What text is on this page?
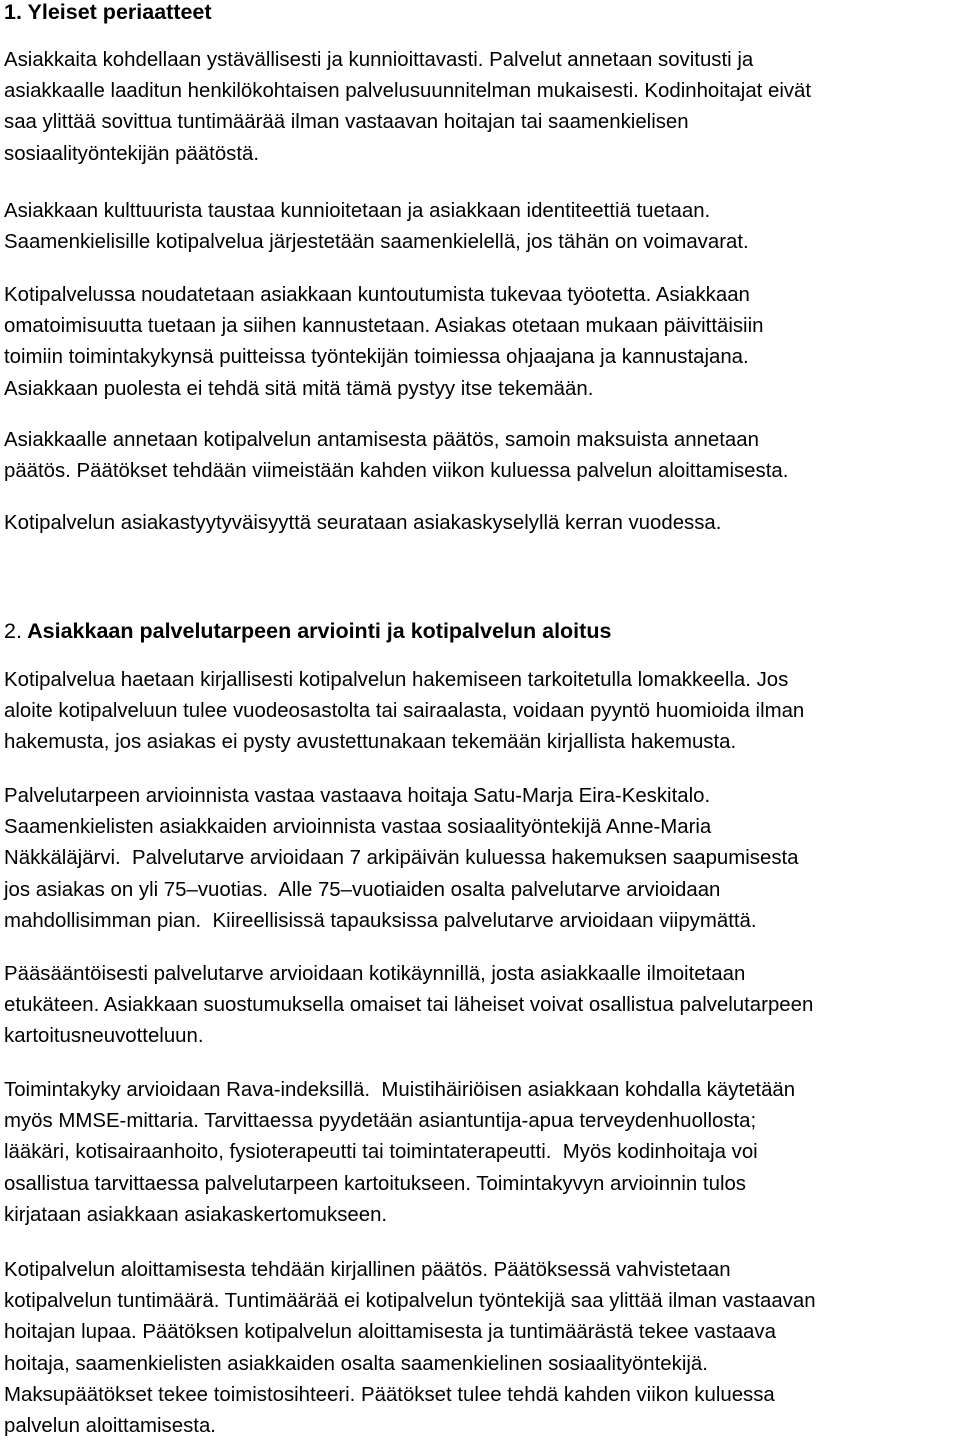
1. Yleiset periaatteet

Asiakkaita kohdellaan ystävällisesti ja kunnioittavasti. Palvelut annetaan sovitusti ja
asiakkaalle laaditun henkilökohtaisen palvelusuunnitelman mukaisesti. Kodinhoitajat eivät
saa ylittää sovittua tuntimäärää ilman vastaavan hoitajan tai saamenkielisen
sosiaalityöntekijän päätöstä.

Asiakkaan kulttuurista taustaa kunnioitetaan ja asiakkaan identiteettiä tuetaan.
Saamenkielisille kotipalvelua järjestetään saamenkielellä, jos tähän on voimavarat.

Kotipalvelussa noudatetaan asiakkaan kuntoutumista tukevaa työotetta. Asiakkaan
omatoimisuutta tuetaan ja siihen kannustetaan. Asiakas otetaan mukaan päivittäisiin
toimiin toimintakykynsä puitteissa työntekijän toimiessa ohjaajana ja kannustajana.
Asiakkaan puolesta ei tehdä sitä mitä tämä pystyy itse tekemään.

Asiakkaalle annetaan kotipalvelun antamisesta päätös, samoin maksuista annetaan
päätös. Päätökset tehdään viimeistään kahden viikon kuluessa palvelun aloittamisesta.

Kotipalvelun asiakastyytyväisyyttä seurataan asiakaskyselyllä kerran vuodessa.

2. Asiakkaan palvelutarpeen arviointi ja kotipalvelun aloitus

Kotipalvelua haetaan kirjallisesti kotipalvelun hakemiseen tarkoitetulla lomakkeella. Jos
aloite kotipalveluun tulee vuodeosastolta tai sairaalasta, voidaan pyyntö huomioida ilman
hakemusta, jos asiakas ei pysty avustettunakaan tekemään kirjallista hakemusta.

Palvelutarpeen arvioinnista vastaa vastaava hoitaja Satu-Marja Eira-Keskitalo.
Saamenkielisten asiakkaiden arvioinnista vastaa sosiaalityöntekijä Anne-Maria
Näkkäläjärvi.  Palvelutarve arvioidaan 7 arkipäivän kuluessa hakemuksen saapumisesta
jos asiakas on yli 75–vuotias.  Alle 75–vuotiaiden osalta palvelutarve arvioidaan
mahdollisimman pian.  Kiireellisissä tapauksissa palvelutarve arvioidaan viipymättä.

Pääsääntöisesti palvelutarve arvioidaan kotikäynnillä, josta asiakkaalle ilmoitetaan
etukäteen. Asiakkaan suostumuksella omaiset tai läheiset voivat osallistua palvelutarpeen
kartoitusneuvotteluun.

Toimintakyky arvioidaan Rava-indeksillä.  Muistihäiriöisen asiakkaan kohdalla käytetään
myös MMSE-mittaria. Tarvittaessa pyydetään asiantuntija-apua terveydenhuollosta;
lääkäri, kotisairaanhoito, fysioterapeutti tai toimintaterapeutti.  Myös kodinhoitaja voi
osallistua tarvittaessa palvelutarpeen kartoitukseen. Toimintakyvyn arvioinnin tulos
kirjataan asiakkaan asiakaskertomukseen.

Kotipalvelun aloittamisesta tehdään kirjallinen päätös. Päätöksessä vahvistetaan
kotipalvelun tuntimäärä. Tuntimäärää ei kotipalvelun työntekijä saa ylittää ilman vastaavan
hoitajan lupaa. Päätöksen kotipalvelun aloittamisesta ja tuntimäärästä tekee vastaava
hoitaja, saamenkielisten asiakkaiden osalta saamenkielinen sosiaalityöntekijä.
Maksupäätökset tekee toimistosihteeri. Päätökset tulee tehdä kahden viikon kuluessa
palvelun aloittamisesta.
